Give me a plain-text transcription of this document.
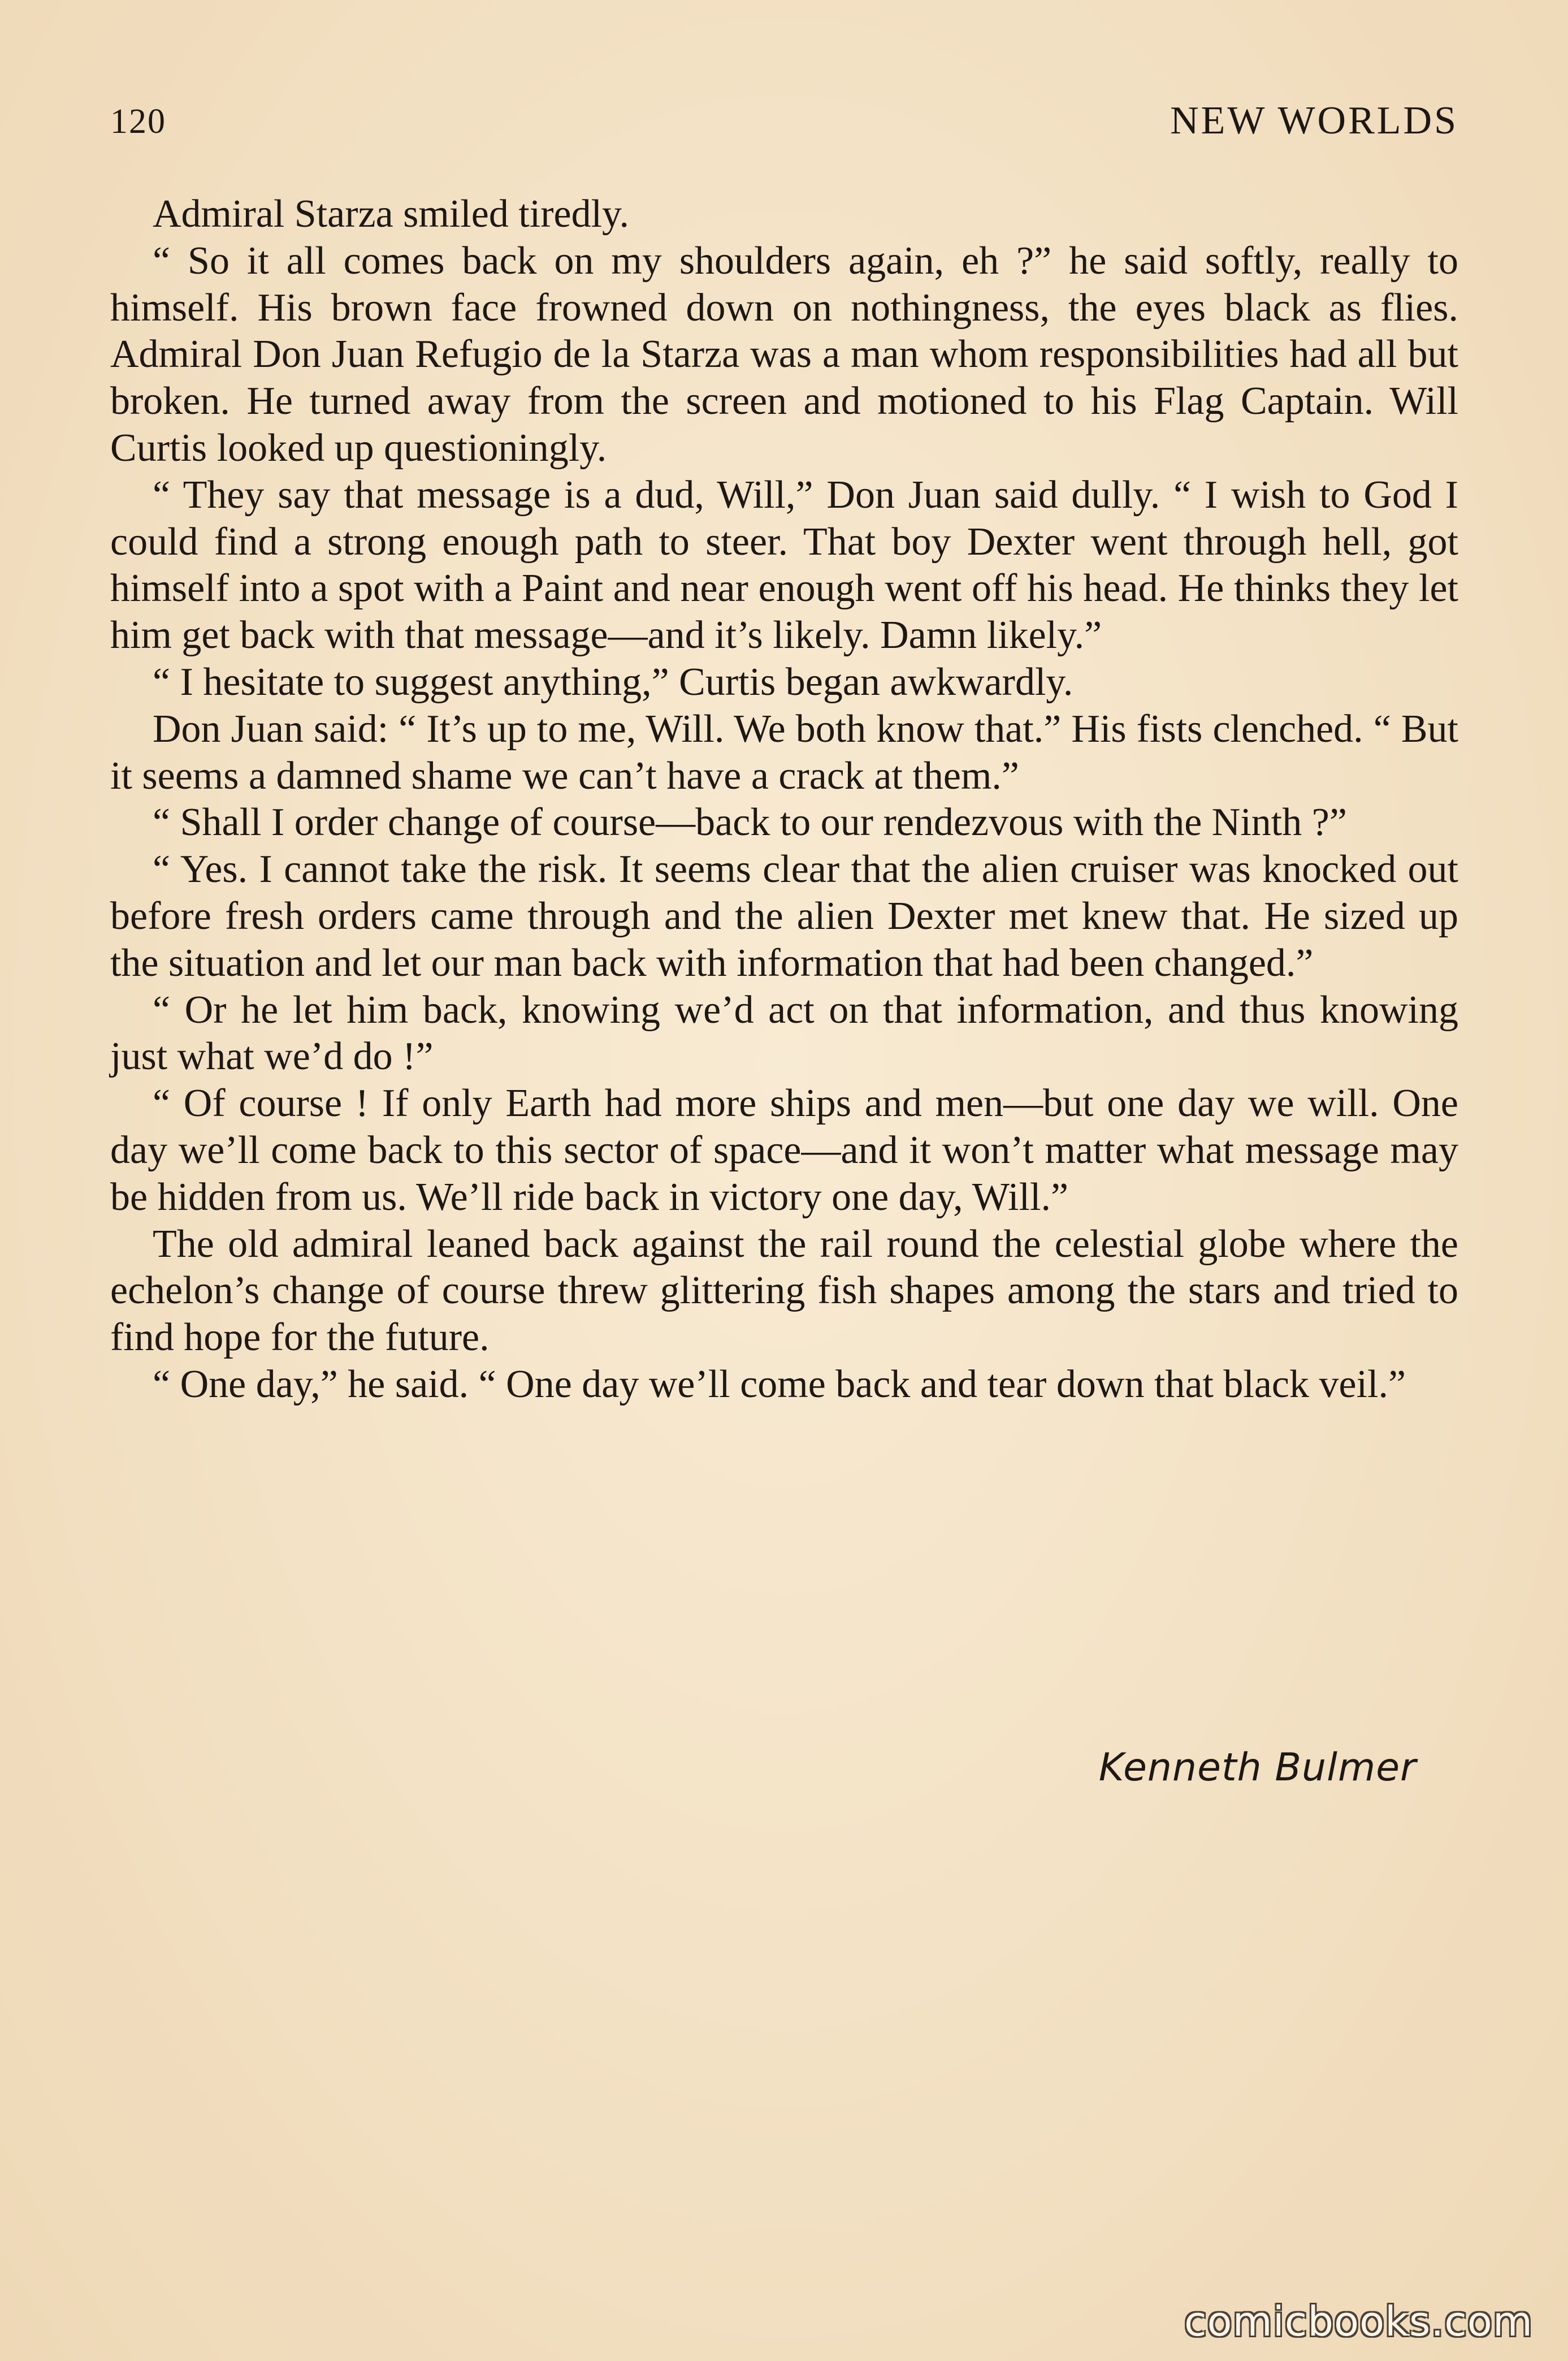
120	NEW WORLDS

Admiral Starza smiled tiredly.

“ So it all comes back on my shoulders again, eh ?” he said softly, really to himself. His brown face frowned down on nothingness, the eyes black as flies. Admiral Don Juan Refugio de la Starza was a man whom responsibilities had all but broken. He turned away from the screen and motioned to his Flag Captain. Will Curtis looked up questioningly.

“ They say that message is a dud, Will,” Don Juan said dully. “ I wish to God I could find a strong enough path to steer. That boy Dexter went through hell, got himself into a spot with a Paint and near enough went off his head. He thinks they let him get back with that message—and it’s likely. Damn likely.”

“ I hesitate to suggest anything,” Curtis began awkwardly.

Don Juan said: “ It’s up to me, Will. We both know that.” His fists clenched. “ But it seems a damned shame we can’t have a crack at them.”

“ Shall I order change of course—back to our rendezvous with the Ninth ?”

“ Yes. I cannot take the risk. It seems clear that the alien cruiser was knocked out before fresh orders came through and the alien Dexter met knew that. He sized up the situation and let our man back with information that had been changed.”

“ Or he let him back, knowing we’d act on that information, and thus knowing just what we’d do !”

“ Of course ! If only Earth had more ships and men—but one day we will. One day we’ll come back to this sector of space—and it won’t matter what message may be hidden from us. We’ll ride back in victory one day, Will.”

The old admiral leaned back against the rail round the celestial globe where the echelon’s change of course threw glittering fish shapes among the stars and tried to find hope for the future.

“ One day,” he said. “ One day we’ll come back and tear down that black veil.”

Kenneth Bulmer
comicbooks.com
